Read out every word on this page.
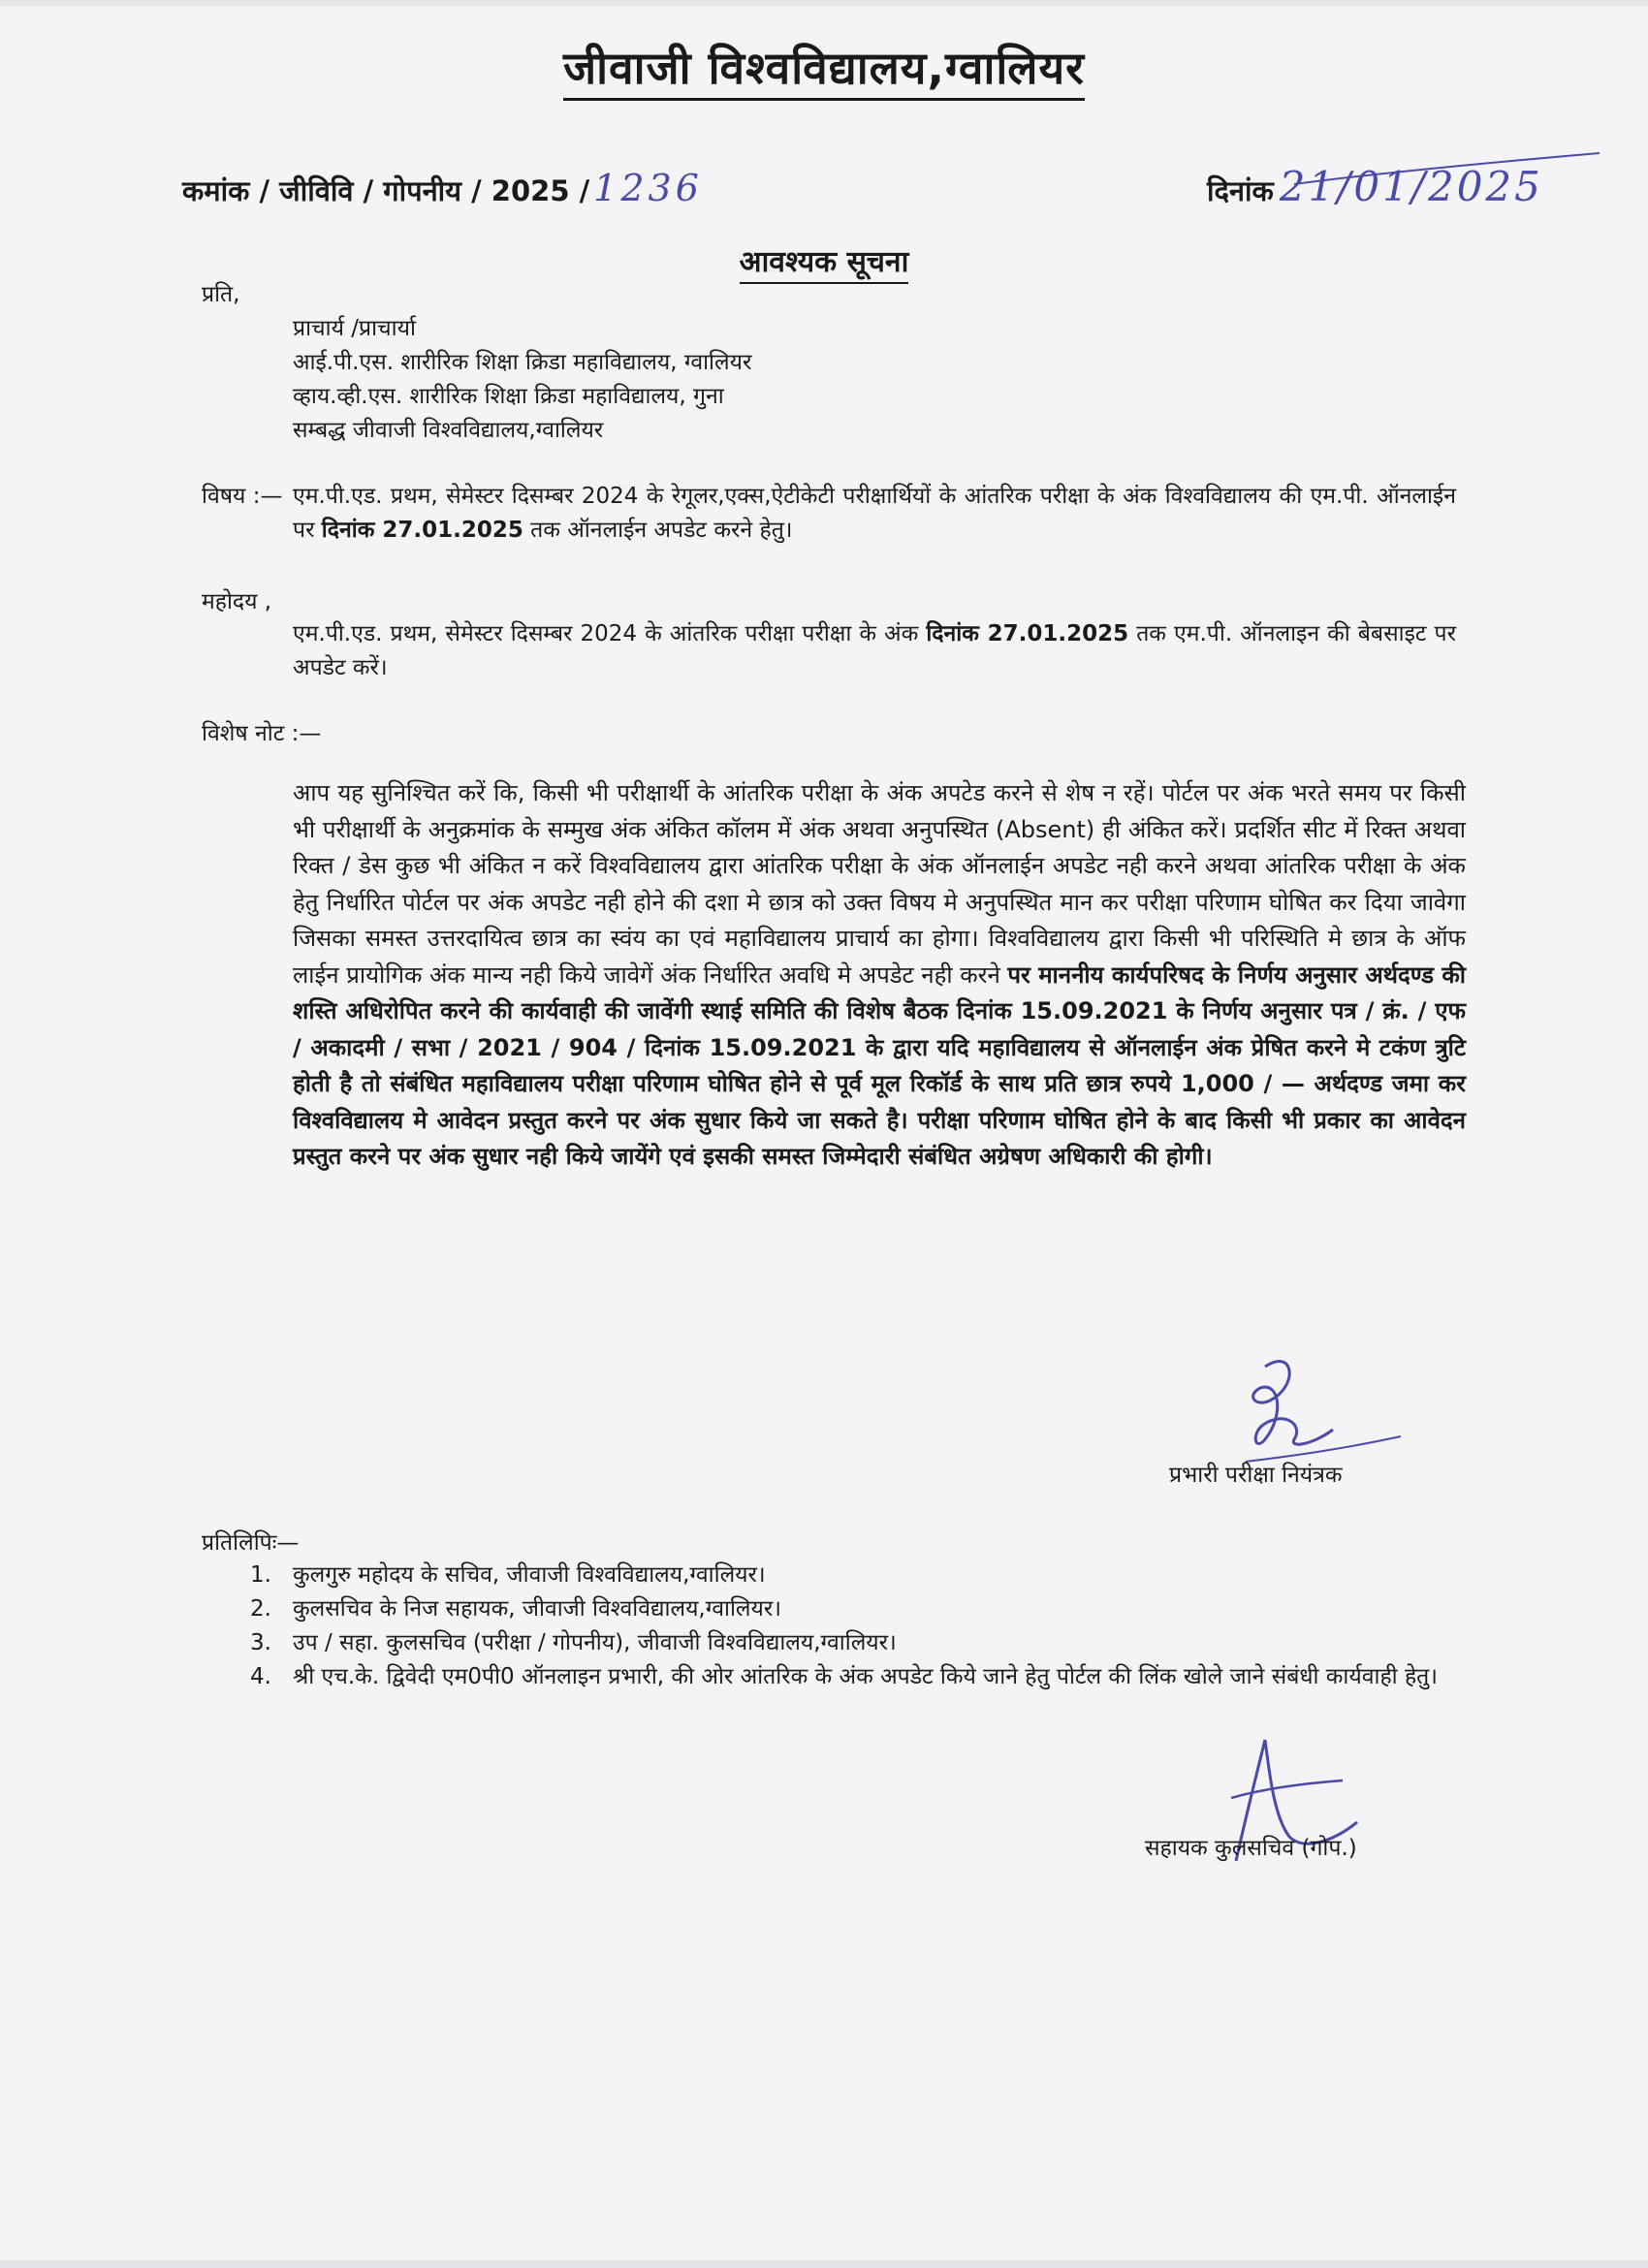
जीवाजी विश्वविद्यालय,ग्वालियर
कमांक / जीविवि / गोपनीय / 2025 / 1236	दिनांक 21/01/2025
आवश्यक सूचना
प्रति,
प्राचार्य /प्राचार्या
आई.पी.एस. शारीरिक शिक्षा क्रिडा महाविद्यालय, ग्वालियर
व्हाय.व्ही.एस. शारीरिक शिक्षा क्रिडा महाविद्यालय, गुना
सम्बद्ध जीवाजी विश्वविद्यालय,ग्वालियर
विषय :— एम.पी.एड. प्रथम, सेमेस्टर दिसम्बर 2024 के रेगूलर,एक्स,ऐटीकेटी परीक्षार्थियों के आंतरिक परीक्षा के अंक विश्वविद्यालय की एम.पी. ऑनलाईन पर दिनांक 27.01.2025 तक ऑनलाईन अपडेट करने हेतु।
महोदय ,
एम.पी.एड. प्रथम, सेमेस्टर दिसम्बर 2024 के आंतरिक परीक्षा परीक्षा के अंक दिनांक 27.01.2025 तक एम.पी. ऑनलाइन की बेबसाइट पर अपडेट करें।
विशेष नोट :—
आप यह सुनिश्चित करें कि, किसी भी परीक्षार्थी के आंतरिक परीक्षा के अंक अपटेड करने से शेष न रहें। पोर्टल पर अंक भरते समय पर किसी भी परीक्षार्थी के अनुक्रमांक के सम्मुख अंक अंकित कॉलम में अंक अथवा अनुपस्थित (Absent) ही अंकित करें। प्रदर्शित सीट में रिक्त अथवा रिक्त / डेस कुछ भी अंकित न करें विश्वविद्यालय द्वारा आंतरिक परीक्षा के अंक ऑनलाईन अपडेट नही करने अथवा आंतरिक परीक्षा के अंक हेतु निर्धारित पोर्टल पर अंक अपडेट नही होने की दशा मे छात्र को उक्त विषय मे अनुपस्थित मान कर परीक्षा परिणाम घोषित कर दिया जावेगा जिसका समस्त उत्तरदायित्व छात्र का स्वंय का एवं महाविद्यालय प्राचार्य का होगा। विश्वविद्यालय द्वारा किसी भी परिस्थिति मे छात्र के ऑफ लाईन प्रायोगिक अंक मान्य नही किये जावेगें अंक निर्धारित अवधि मे अपडेट नही करने पर माननीय कार्यपरिषद के निर्णय अनुसार अर्थदण्ड की शस्ति अधिरोपित करने की कार्यवाही की जावेंगी स्थाई समिति की विशेष बैठक दिनांक 15.09.2021 के निर्णय अनुसार पत्र / क्रं. / एफ / अकादमी / सभा / 2021 / 904 / दिनांक 15.09.2021 के द्वारा यदि महाविद्यालय से ऑनलाईन अंक प्रेषित करने मे टकंण त्रुटि होती है तो संबंधित महाविद्यालय परीक्षा परिणाम घोषित होने से पूर्व मूल रिकॉर्ड के साथ प्रति छात्र रुपये 1,000 / — अर्थदण्ड जमा कर विश्वविद्यालय मे आवेदन प्रस्तुत करने पर अंक सुधार किये जा सकते है। परीक्षा परिणाम घोषित होने के बाद किसी भी प्रकार का आवेदन प्रस्तुत करने पर अंक सुधार नही किये जायेंगे एवं इसकी समस्त जिम्मेदारी संबंधित अग्रेषण अधिकारी की होगी।
प्रभारी परीक्षा नियंत्रक
प्रतिलिपिः—
1. कुलगुरु महोदय के सचिव, जीवाजी विश्वविद्यालय,ग्वालियर।
2. कुलसचिव के निज सहायक, जीवाजी विश्वविद्यालय,ग्वालियर।
3. उप / सहा. कुलसचिव (परीक्षा / गोपनीय), जीवाजी विश्वविद्यालय,ग्वालियर।
4. श्री एच.के. द्विवेदी एम0पी0 ऑनलाइन प्रभारी, की ओर आंतरिक के अंक अपडेट किये जाने हेतु पोर्टल की लिंक खोले जाने संबंधी कार्यवाही हेतु।
सहायक कुलसचिव (गोप.)
